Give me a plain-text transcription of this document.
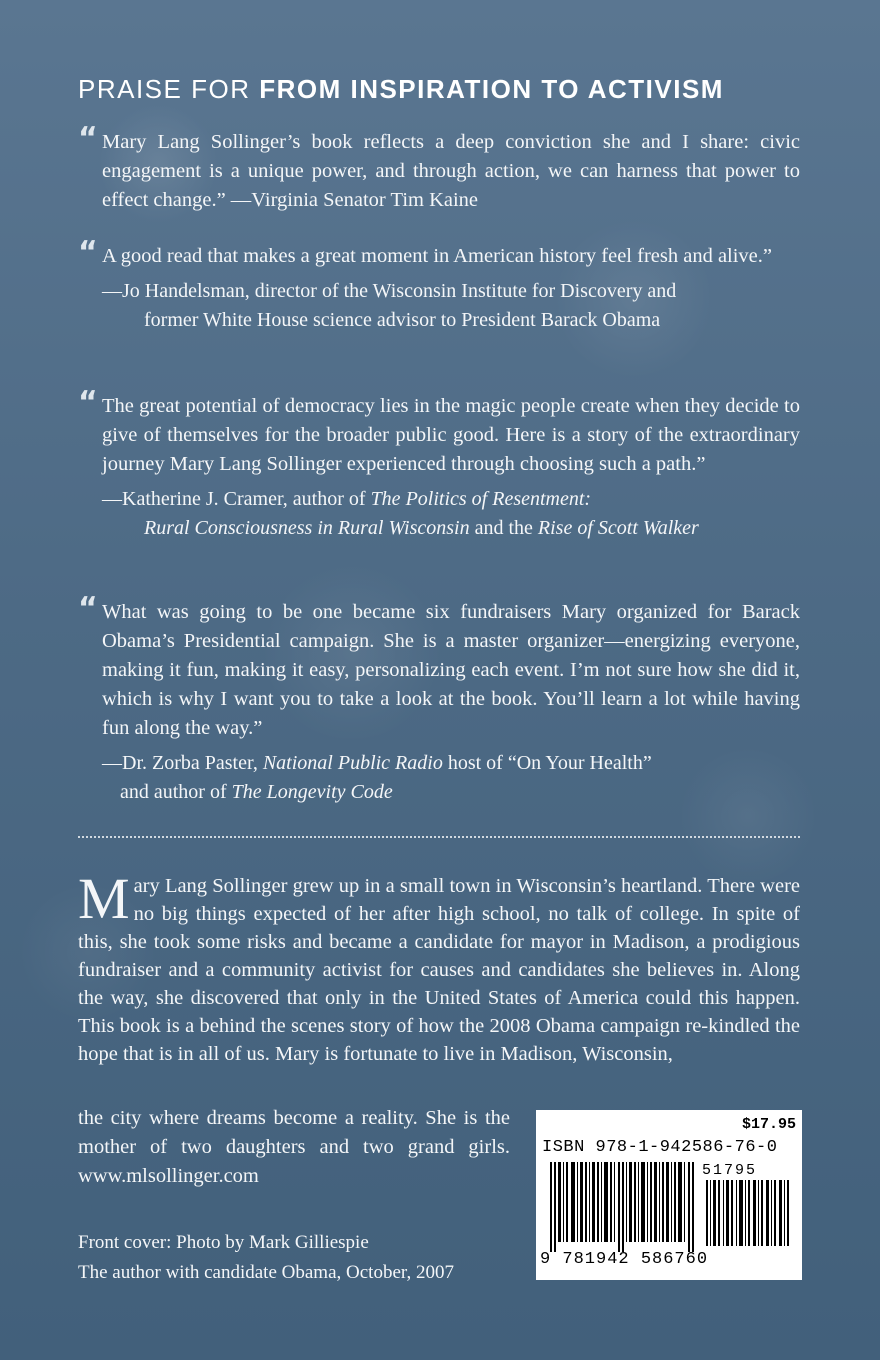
PRAISE FOR FROM INSPIRATION TO ACTIVISM
“ Mary Lang Sollinger’s book reflects a deep conviction she and I share: civic engagement is a unique power, and through action, we can harness that power to effect change.” —Virginia Senator Tim Kaine
“ A good read that makes a great moment in American history feel fresh and alive.”
—Jo Handelsman, director of the Wisconsin Institute for Discovery and
former White House science advisor to President Barack Obama
“ The great potential of democracy lies in the magic people create when they decide to give of themselves for the broader public good. Here is a story of the extraordinary journey Mary Lang Sollinger experienced through choosing such a path.”
—Katherine J. Cramer, author of The Politics of Resentment:
Rural Consciousness in Rural Wisconsin and the Rise of Scott Walker
“ What was going to be one became six fundraisers Mary organized for Barack Obama’s Presidential campaign. She is a master organizer—energizing everyone, making it fun, making it easy, personalizing each event. I’m not sure how she did it, which is why I want you to take a look at the book. You’ll learn a lot while having fun along the way.”
—Dr. Zorba Paster, National Public Radio host of “On Your Health”
and author of The Longevity Code
Mary Lang Sollinger grew up in a small town in Wisconsin’s heartland. There were no big things expected of her after high school, no talk of college. In spite of this, she took some risks and became a candidate for mayor in Madison, a prodigious fundraiser and a community activist for causes and candidates she believes in. Along the way, she discovered that only in the United States of America could this happen. This book is a behind the scenes story of how the 2008 Obama campaign re-kindled the hope that is in all of us. Mary is fortunate to live in Madison, Wisconsin,
the city where dreams become a reality. She is the mother of two daughters and two grand girls. www.mlsollinger.com
Front cover: Photo by Mark Gilliespie
The author with candidate Obama, October, 2007
$17.95
ISBN 978-1-942586-76-0
51795
9 781942 586760
